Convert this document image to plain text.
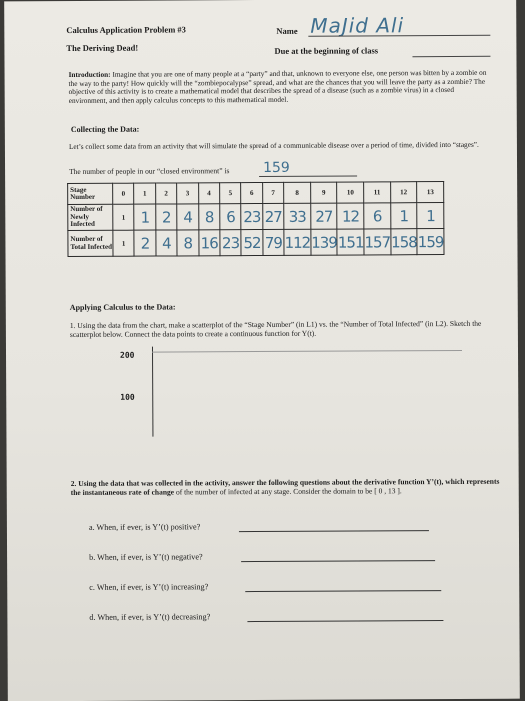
Calculus Application Problem #3
The Deriving Dead!
Name MaJid Ali
Due at the beginning of class
Introduction: Imagine that you are one of many people at a “party” and that, unknown to everyone else, one person was bitten by a zombie on the way to the party! How quickly will the “zombiepocalypse” spread, and what are the chances that you will leave the party as a zombie? The objective of this activity is to create a mathematical model that describes the spread of a disease (such as a zombie virus) in a closed environment, and then apply calculus concepts to this mathematical model.
Collecting the Data:
Let’s collect some data from an activity that will simulate the spread of a communicable disease over a period of time, divided into “stages”.
The number of people in our “closed environment” is 159
Stage Number	0	1	2	3	4	5	6	7	8	9	10	11	12	13
Number of Newly Infected	1	1	2	4	8	6	23	27	33	27	12	6	1	1
Number of Total Infected	1	2	4	8	16	23	52	79	112	139	151	157	158	159
Applying Calculus to the Data:
1. Using the data from the chart, make a scatterplot of the “Stage Number” (in L1) vs. the “Number of Total Infected” (in L2). Sketch the scatterplot below. Connect the data points to create a continuous function for Y(t).
200
100
2. Using the data that was collected in the activity, answer the following questions about the derivative function Y’(t), which represents the instantaneous rate of change of the number of infected at any stage. Consider the domain to be [ 0 , 13 ].
a. When, if ever, is Y’(t) positive?
b. When, if ever, is Y’(t) negative?
c. When, if ever, is Y’(t) increasing?
d. When, if ever, is Y’(t) decreasing?
